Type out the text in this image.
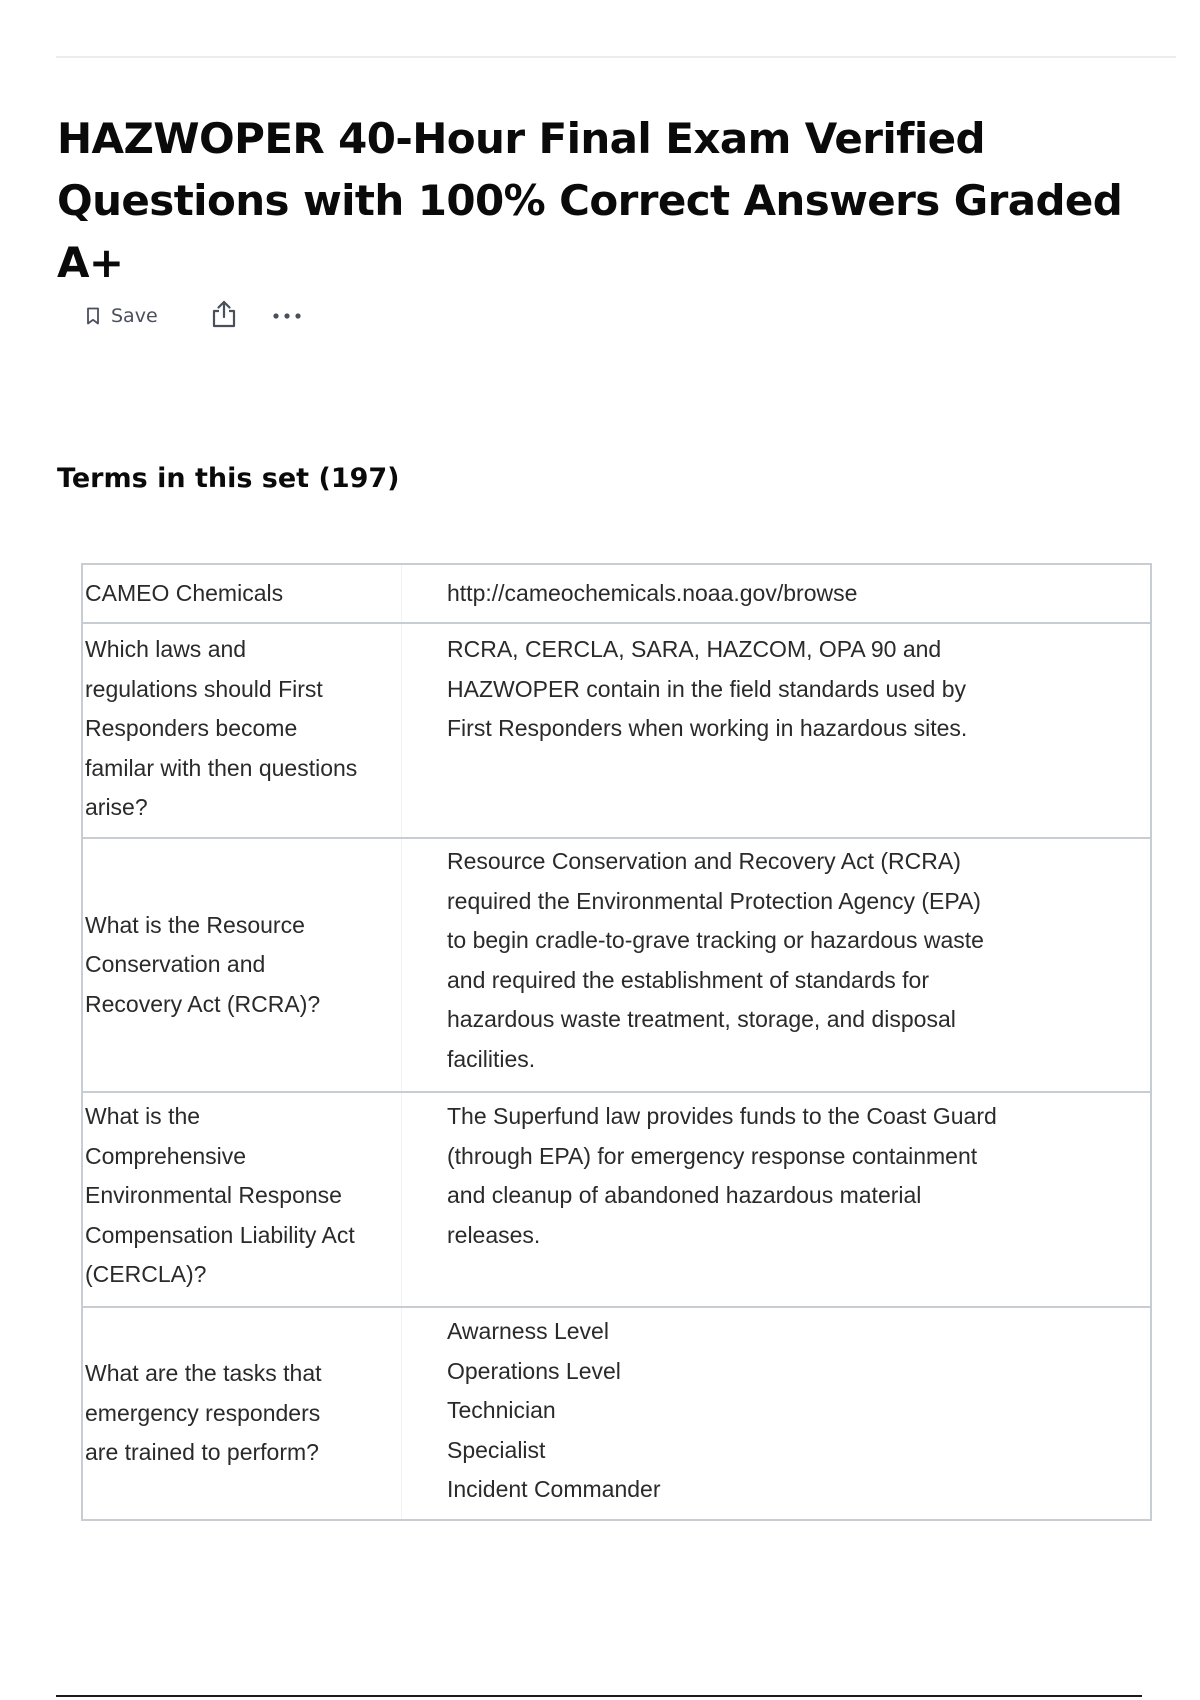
HAZWOPER 40-Hour Final Exam Verified Questions with 100% Correct Answers Graded A+
Save
Terms in this set (197)
CAMEO Chemicals	http://cameochemicals.noaa.gov/browse
Which laws and
regulations should First
Responders become
familar with then questions
arise?
RCRA, CERCLA, SARA, HAZCOM, OPA 90 and
HAZWOPER contain in the field standards used by
First Responders when working in hazardous sites.
What is the Resource
Conservation and
Recovery Act (RCRA)?
Resource Conservation and Recovery Act (RCRA)
required the Environmental Protection Agency (EPA)
to begin cradle-to-grave tracking or hazardous waste
and required the establishment of standards for
hazardous waste treatment, storage, and disposal
facilities.
What is the
Comprehensive
Environmental Response
Compensation Liability Act
(CERCLA)?
The Superfund law provides funds to the Coast Guard
(through EPA) for emergency response containment
and cleanup of abandoned hazardous material
releases.
What are the tasks that
emergency responders
are trained to perform?
Awarness Level
Operations Level
Technician
Specialist
Incident Commander
